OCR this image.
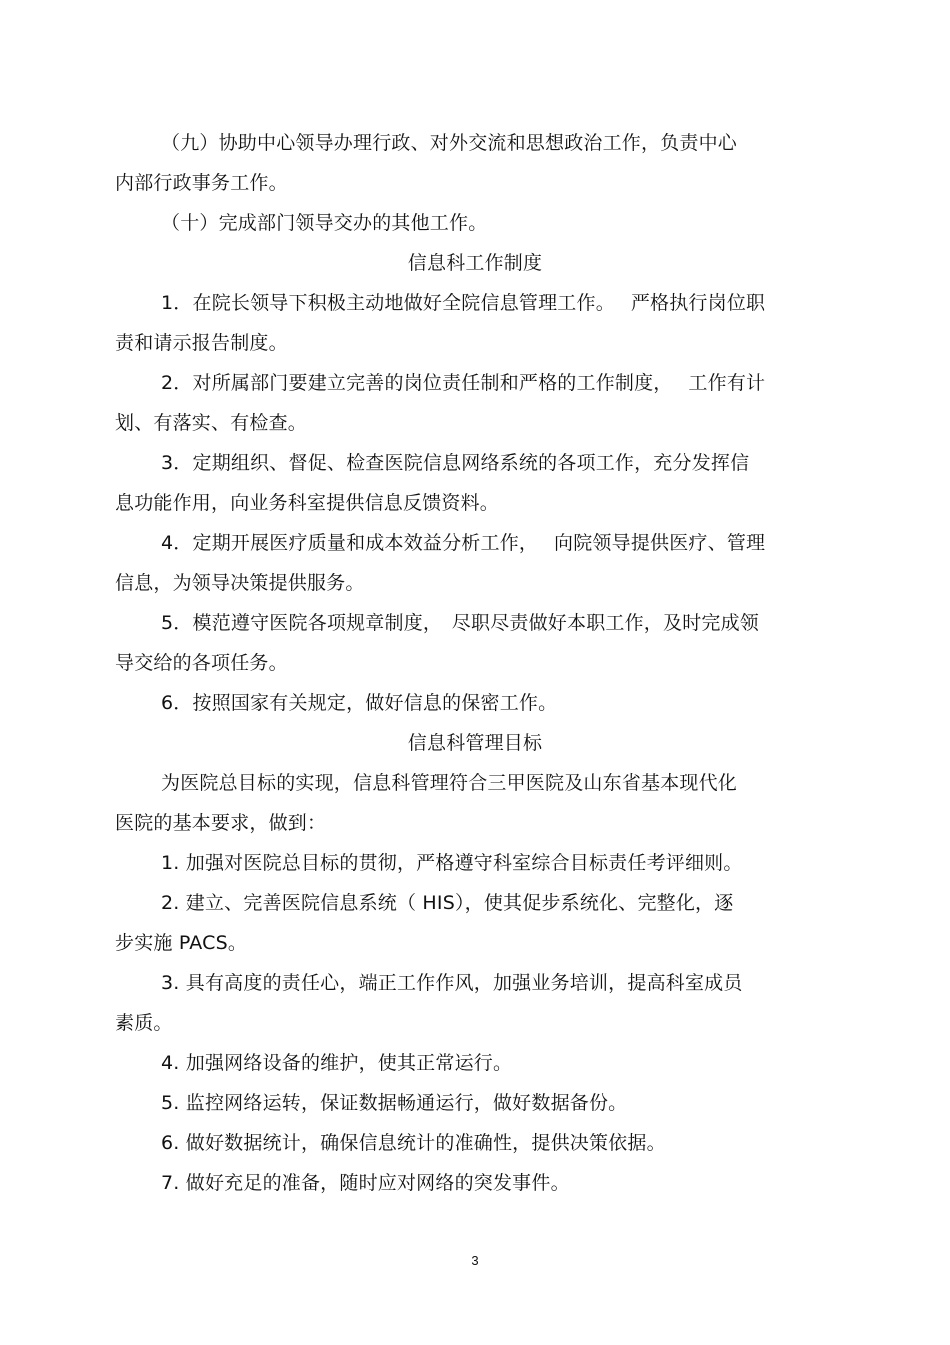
（九）协助中心领导办理行政、对外交流和思想政治工作，负责中心
内部行政事务工作。
（十）完成部门领导交办的其他工作。
信息科工作制度
1．在院长领导下积极主动地做好全院信息管理工作。　 严格执行岗位职
责和请示报告制度。
2．对所属部门要建立完善的岗位责任制和严格的工作制度，　 工作有计
划、有落实、有检查。
3．定期组织、督促、检查医院信息网络系统的各项工作，充分发挥信
息功能作用，向业务科室提供信息反馈资料。
4．定期开展医疗质量和成本效益分析工作，　 向院领导提供医疗、管理
信息，为领导决策提供服务。
5．模范遵守医院各项规章制度，　尽职尽责做好本职工作，及时完成领
导交给的各项任务。
6．按照国家有关规定，做好信息的保密工作。
信息科管理目标
为医院总目标的实现，信息科管理符合三甲医院及山东省基本现代化
医院的基本要求，做到：
1. 加强对医院总目标的贯彻，严格遵守科室综合目标责任考评细则。
2. 建立、完善医院信息系统（ HIS），使其促步系统化、完整化，逐
步实施 PACS。
3. 具有高度的责任心，端正工作作风，加强业务培训，提高科室成员
素质。
4. 加强网络设备的维护，使其正常运行。
5. 监控网络运转，保证数据畅通运行，做好数据备份。
6. 做好数据统计，确保信息统计的准确性，提供决策依据。
7. 做好充足的准备，随时应对网络的突发事件。
3
